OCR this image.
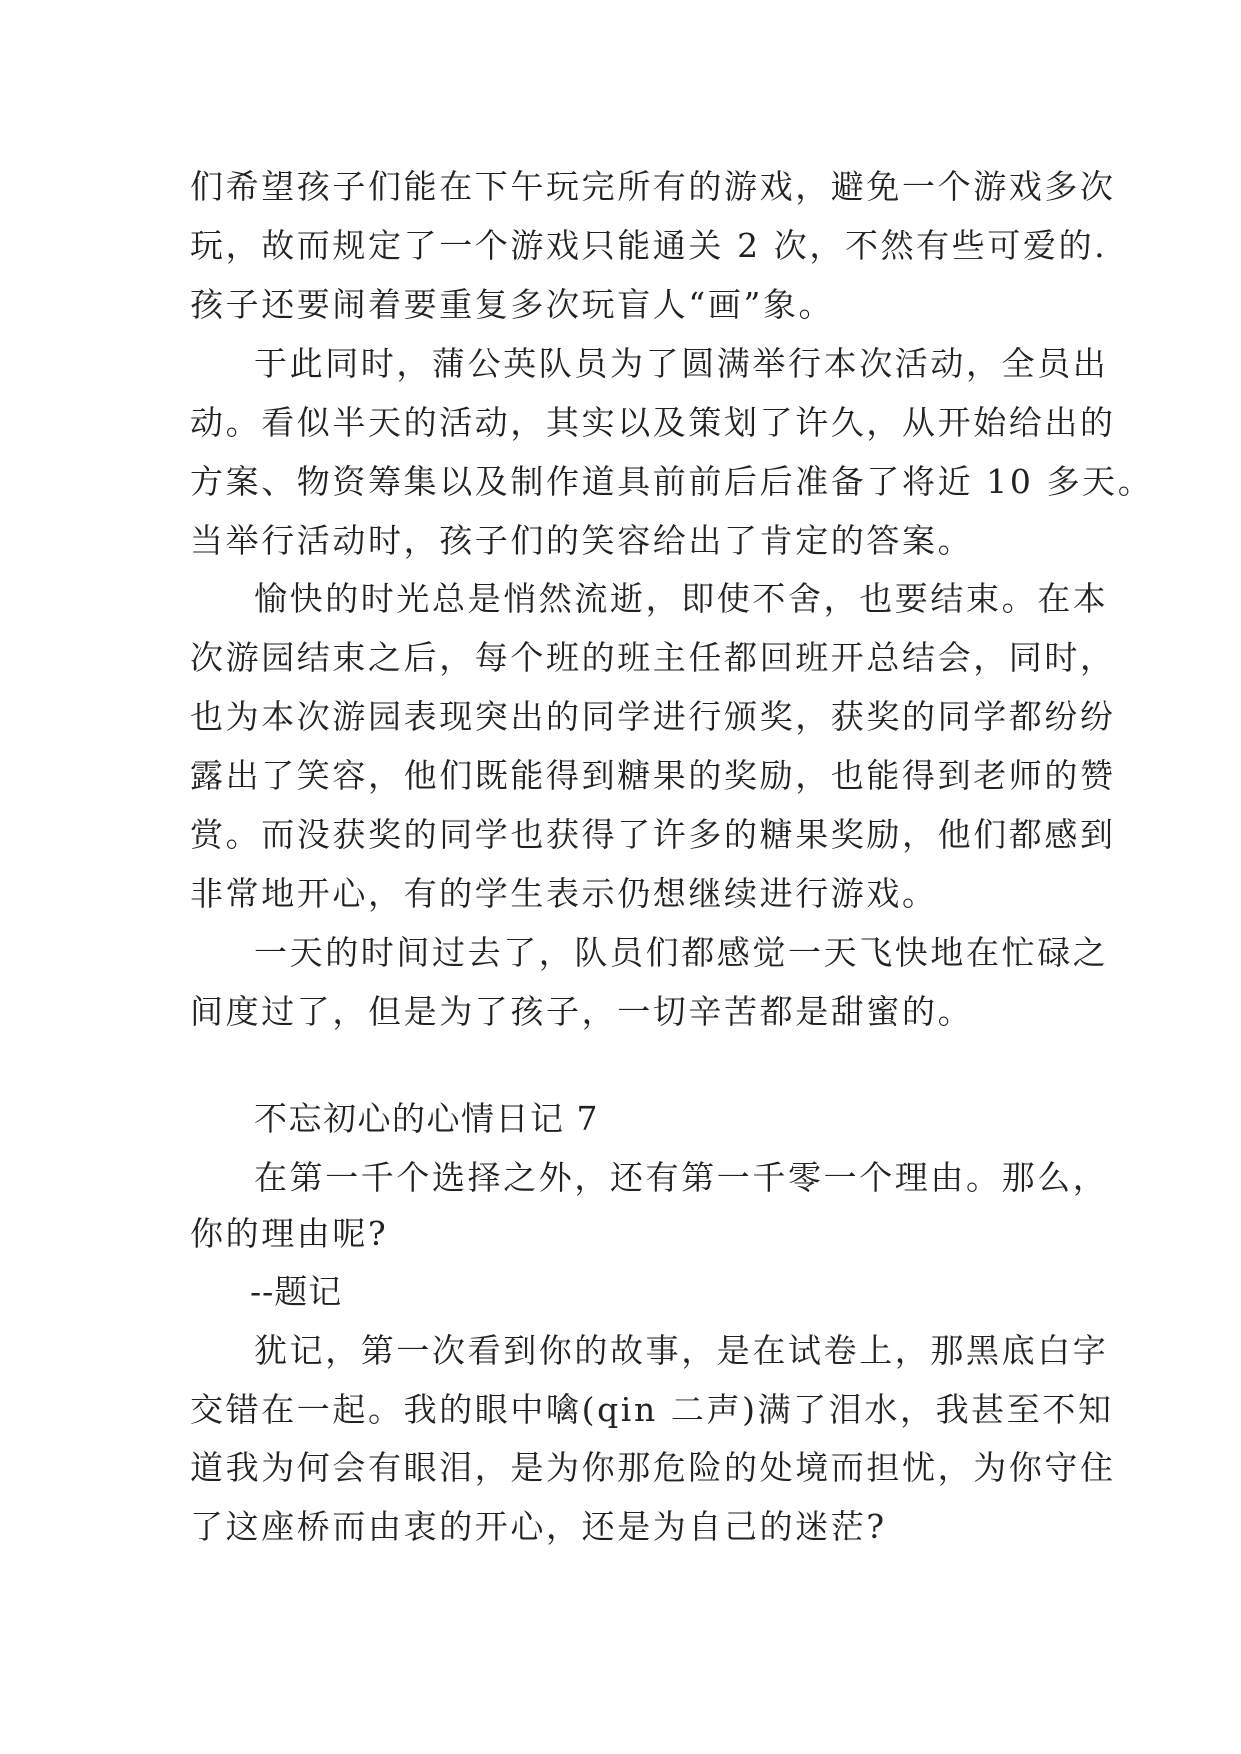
们希望孩子们能在下午玩完所有的游戏，避免一个游戏多次
玩，故而规定了一个游戏只能通关 2 次，不然有些可爱的.
孩子还要闹着要重复多次玩盲人“画”象。
于此同时，蒲公英队员为了圆满举行本次活动，全员出
动。看似半天的活动，其实以及策划了许久，从开始给出的
方案、物资筹集以及制作道具前前后后准备了将近 10 多天。
当举行活动时，孩子们的笑容给出了肯定的答案。
愉快的时光总是悄然流逝，即使不舍，也要结束。在本
次游园结束之后，每个班的班主任都回班开总结会，同时，
也为本次游园表现突出的同学进行颁奖，获奖的同学都纷纷
露出了笑容，他们既能得到糖果的奖励，也能得到老师的赞
赏。而没获奖的同学也获得了许多的糖果奖励，他们都感到
非常地开心，有的学生表示仍想继续进行游戏。
一天的时间过去了，队员们都感觉一天飞快地在忙碌之
间度过了，但是为了孩子，一切辛苦都是甜蜜的。
不忘初心的心情日记 7
在第一千个选择之外，还有第一千零一个理由。那么，
你的理由呢?
--题记
犹记，第一次看到你的故事，是在试卷上，那黑底白字
交错在一起。我的眼中噙(qin 二声)满了泪水，我甚至不知
道我为何会有眼泪，是为你那危险的处境而担忧，为你守住
了这座桥而由衷的开心，还是为自己的迷茫?
